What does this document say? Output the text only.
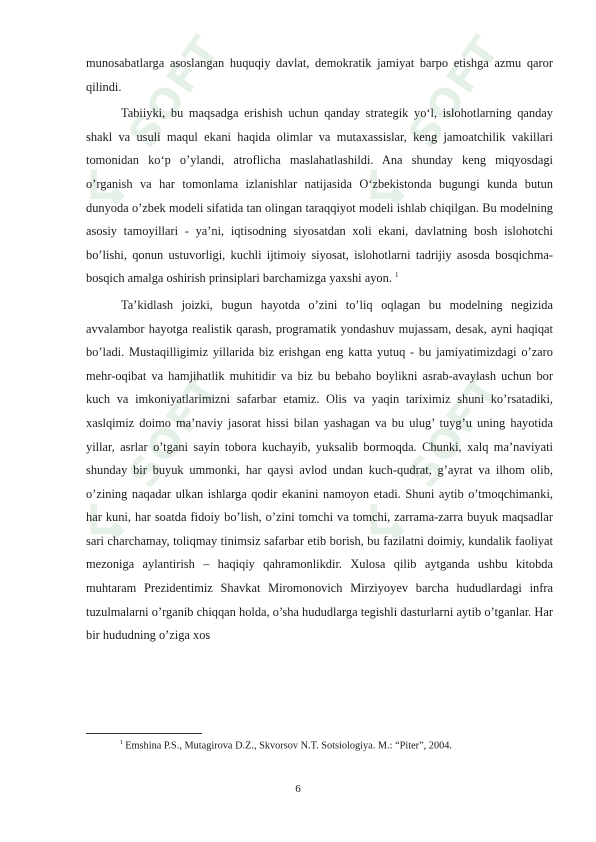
SOFT	SOFT
SOFT	SOFT

munosabatlarga asoslangan huquqiy davlat, demokratik jamiyat barpo etishga azmu qaror qilindi.

Tabiiyki, bu maqsadga erishish uchun qanday strategik yo‘l, islohotlarning qanday shakl va usuli maqul ekani haqida olimlar va mutaxassislar, keng jamoatchilik vakillari tomonidan ko‘p o’ylandi, atroflicha maslahatlashildi. Ana shunday keng miqyosdagi o’rganish va har tomonlama izlanishlar natijasida O‘zbekistonda bugungi kunda butun dunyoda o’zbek modeli sifatida tan olingan taraqqiyot modeli ishlab chiqilgan. Bu modelning asosiy tamoyillari - ya’ni, iqtisodning siyosatdan xoli ekani, davlatning bosh islohotchi bo’lishi, qonun ustuvorligi, kuchli ijtimoiy siyosat, islohotlarni tadrijiy asosda bosqichma-bosqich amalga oshirish prinsiplari barchamizga yaxshi ayon. $^1$

Ta’kidlash joizki, bugun hayotda o’zini to’liq oqlagan bu modelning negizida avvalambor hayotga realistik qarash, programatik yondashuv mujassam, desak, ayni haqiqat bo’ladi. Mustaqilligimiz yillarida biz erishgan eng katta yutuq - bu jamiyatimizdagi o’zaro mehr-oqibat va hamjihatlik muhitidir va biz bu bebaho boylikni asrab-avaylash uchun bor kuch va imkoniyatlarimizni safarbar etamiz. Olis va yaqin tariximiz shuni ko’rsatadiki, xaslqimiz doimo ma’naviy jasorat hissi bilan yashagan va bu ulug’ tuyg’u uning hayotida yillar, asrlar o’tgani sayin tobora kuchayib, yuksalib bormoqda. Chunki, xalq ma’naviyati shunday bir buyuk ummonki, har qaysi avlod undan kuch-qudrat, g’ayrat va ilhom olib, o’zining naqadar ulkan ishlarga qodir ekanini namoyon etadi. Shuni aytib o’tmoqchimanki, har kuni, har soatda fidoiy bo’lish, o’zini tomchi va tomchi, zarrama-zarra buyuk maqsadlar sari charchamay, toliqmay tinimsiz safarbar etib borish, bu fazilatni doimiy, kundalik faoliyat mezoniga aylantirish – haqiqiy qahramonlikdir. Xulosa qilib aytganda ushbu kitobda muhtaram Prezidentimiz Shavkat Miromonovich Mirziyoyev barcha hududlardagi infra tuzulmalarni o’rganib chiqqan holda, o’sha hududlarga tegishli dasturlarni aytib o’tganlar. Har bir hududning o’ziga xos

$^1$ Emshina P.S., Mutagirova D.Z., Skvorsov N.T. Sotsiologiya. M.: “Piter”, 2004.
6
